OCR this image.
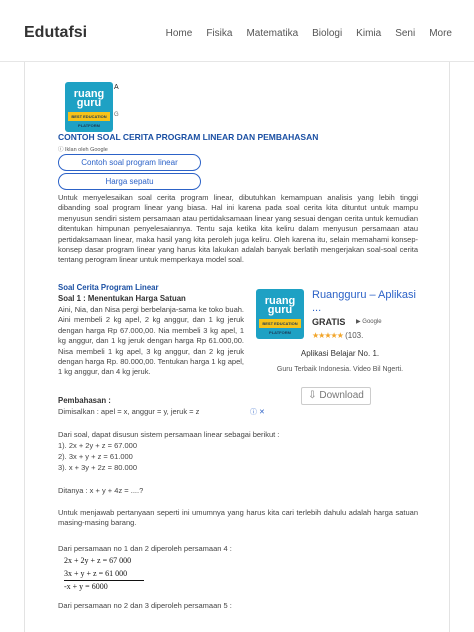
Edutafsi	Home Fisika Matematika Biologi Kimia Seni More
ruang
guru
BEST EDUCATION PLATFORM
A
G
CONTOH SOAL CERITA PROGRAM LINEAR DAN PEMBAHASAN
ⓘ Iklan oleh Google
Contoh soal program linear
Harga sepatu
Untuk menyelesaikan soal cerita program linear, dibutuhkan kemampuan analisis yang lebih tinggi dibanding soal program linear yang biasa. Hal ini karena pada soal cerita kita dituntut untuk mampu menyusun sendiri sistem persamaan atau pertidaksamaan linear yang sesuai dengan cerita untuk kemudian ditentukan himpunan penyelesaiannya. Tentu saja ketika kita keliru dalam menyusun persamaan atau pertidaksamaan linear, maka hasil yang kita peroleh juga keliru. Oleh karena itu, selain memahami konsep-konsep dasar program linear yang harus kita lakukan adalah banyak berlatih mengerjakan soal-soal cerita tentang perogram linear untuk memperkaya model soal.
Soal Cerita Program Linear
Soal 1 : Menentukan Harga Satuan
Aini, Nia, dan Nisa pergi berbelanja-sama ke toko buah. Aini membeli 2 kg apel, 2 kg anggur, dan 1 kg jeruk dengan harga Rp 67.000,00. Nia membeli 3 kg apel, 1 kg anggur, dan 1 kg jeruk dengan harga Rp 61.000,00. Nisa membeli 1 kg apel, 3 kg anggur, dan 2 kg jeruk dengan harga Rp. 80.000,00. Tentukan harga 1 kg apel, 1 kg anggur, dan 4 kg jeruk.
ruang
guru
BEST EDUCATION PLATFORM
Ruangguru – Aplikasi
...
GRATIS ▶ Google
★★★★★ (103.
Aplikasi Belajar No. 1.
Guru Terbaik Indonesia. Video Bil Ngerti.
⇩ Download
ⓘ ✕
Pembahasan :
Dimisalkan : apel = x, anggur = y, jeruk = z
Dari soal, dapat disusun sistem persamaan linear sebagai berikut :
1). 2x + 2y + z = 67.000
2). 3x + y + z = 61.000
3). x + 3y + 2z = 80.000
Ditanya : x + y + 4z = ....?
Untuk menjawab pertanyaan seperti ini umumnya yang harus kita cari terlebih dahulu adalah harga satuan masing-masing barang.
Dari persamaan no 1 dan 2 diperoleh persamaan 4 :
2x + 2y + z = 67 000
3x + y + z = 61 000
-x + y = 6000
Dari persamaan no 2 dan 3 diperoleh persamaan 5 :
